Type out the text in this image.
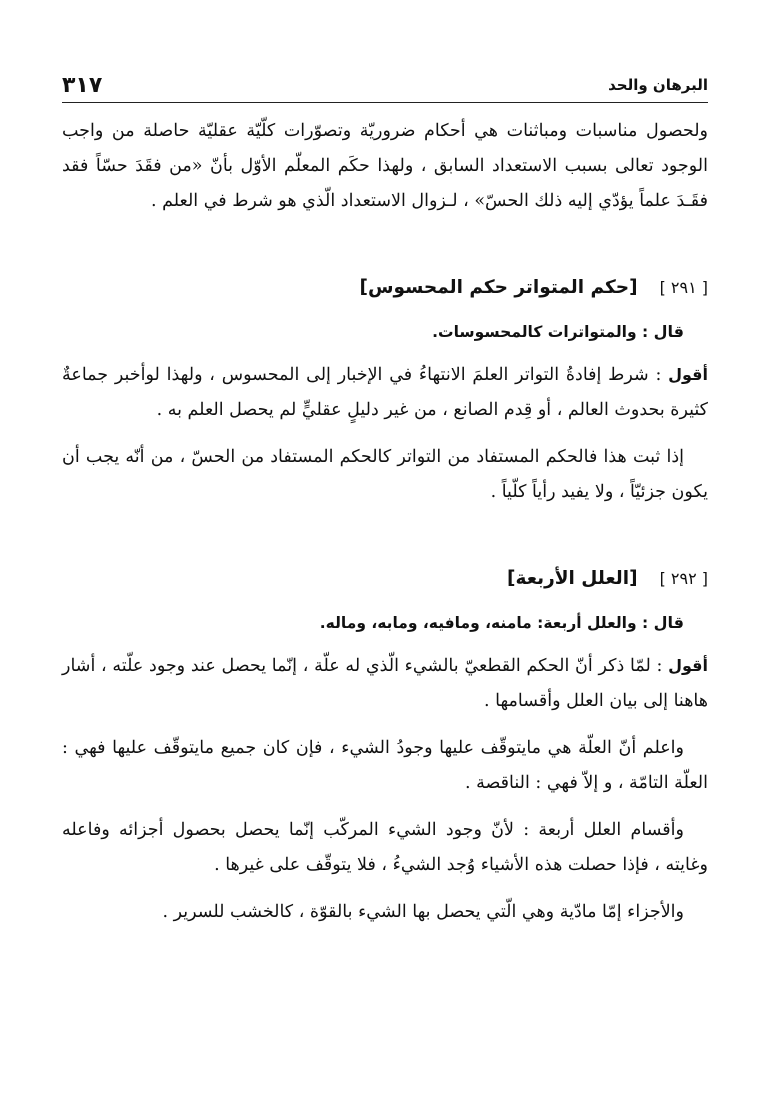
البرهان والحد
٣١٧

ولحصول مناسبات ومباثنات هي أحكام ضروريّة وتصوّرات كلّيّة عقليّة حاصلة من واجب الوجود تعالى بسبب الاستعداد السابق ، ولهذا حكَم المعلّم الأوّل بأنّ «من فقَدَ حسّاً فقد فقَـدَ علماً يؤدّي إليه ذلك الحسّ» ، لـزوال الاستعداد الّذي هو شرط في العلم .

[ ٢٩١ ]
[حكم المتواتر حكم المحسوس]
قال : والمتواترات كالمحسوسات.

أقول : شرط إفادةُ التواتر العلمَ الانتهاءُ في الإخبار إلى المحسوس ، ولهذا لوأخبر جماعةٌ كثيرة بحدوث العالم ، أو قِدم الصانع ، من غير دليلٍ عقليٍّ لم يحصل العلم به .

إذا ثبت هذا فالحكم المستفاد من التواتر كالحكم المستفاد من الحسّ ، من أنّه يجب أن يكون جزئيّاً ، ولا يفيد رأياً كلّياً .

[ ٢٩٢ ]
[العلل الأربعة]
قال : والعلل أربعة: مامنه، ومافيه، ومابه، وماله.

أقول : لمّا ذكر أنّ الحكم القطعيّ بالشيء الّذي له علّة ، إنّما يحصل عند وجود علّته ، أشار هاهنا إلى بيان العلل وأقسامها .

واعلم أنّ العلّة هي مايتوقّف عليها وجودُ الشيء ، فإن كان جميع مايتوقّف عليها فهي : العلّة التامّة ، و إلاّ فهي : الناقصة .

وأقسام العلل أربعة : لأنّ وجود الشيء المركّب إنّما يحصل بحصول أجزائه وفاعله وغايته ، فإذا حصلت هذه الأشياء وُجد الشيءُ ، فلا يتوقّف على غيرها .

والأجزاء إمّا مادّية وهي الّتي يحصل بها الشيء بالقوّة ، كالخشب للسرير .
